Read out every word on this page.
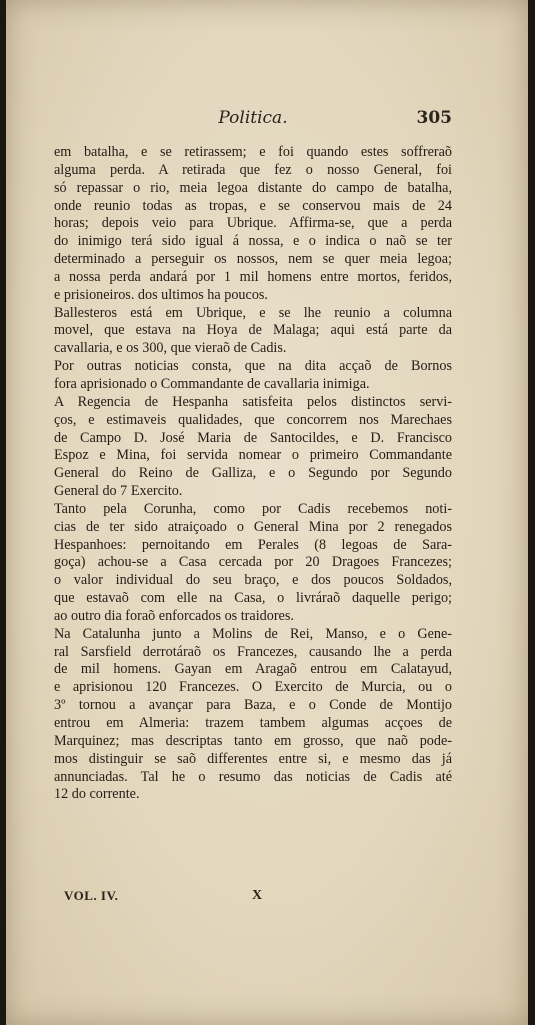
Politica.	305
em batalha, e se retirassem; e foi quando estes soffreraõ
alguma perda. A retirada que fez o nosso General, foi
só repassar o rio, meia legoa distante do campo de batalha,
onde reunio todas as tropas, e se conservou mais de 24
horas; depois veio para Ubrique. Affirma-se, que a perda
do inimigo terá sido igual á nossa, e o indica o naõ se ter
determinado a perseguir os nossos, nem se quer meia legoa;
a nossa perda andará por 1 mil homens entre mortos, feridos,
e prisioneiros. dos ultimos ha poucos.
Ballesteros está em Ubrique, e se lhe reunio a columna
movel, que estava na Hoya de Malaga; aqui está parte da
cavallaria, e os 300, que vieraõ de Cadis.
Por outras noticias consta, que na dita acçaõ de Bornos
fora aprisionado o Commandante de cavallaria inimiga.
A Regencia de Hespanha satisfeita pelos distinctos servi-
ços, e estimaveis qualidades, que concorrem nos Marechaes
de Campo D. José Maria de Santocildes, e D. Francisco
Espoz e Mina, foi servida nomear o primeiro Commandante
General do Reino de Galliza, e o Segundo por Segundo
General do 7 Exercito.
Tanto pela Corunha, como por Cadis recebemos noti-
cias de ter sido atraiçoado o General Mina por 2 renegados
Hespanhoes: pernoitando em Perales (8 legoas de Sara-
goça) achou-se a Casa cercada por 20 Dragoes Francezes;
o valor individual do seu braço, e dos poucos Soldados,
que estavaõ com elle na Casa, o livráraõ daquelle perigo;
ao outro dia foraõ enforcados os traidores.
Na Catalunha junto a Molins de Rei, Manso, e o Gene-
ral Sarsfield derrotáraõ os Francezes, causando lhe a perda
de mil homens. Gayan em Aragaõ entrou em Calatayud,
e aprisionou 120 Francezes. O Exercito de Murcia, ou o
3º tornou a avançar para Baza, e o Conde de Montijo
entrou em Almeria: trazem tambem algumas acçoes de
Marquinez; mas descriptas tanto em grosso, que naõ pode-
mos distinguir se saõ differentes entre si, e mesmo das já
annunciadas. Tal he o resumo das noticias de Cadis até
12 do corrente.
VOL. IV.	X
